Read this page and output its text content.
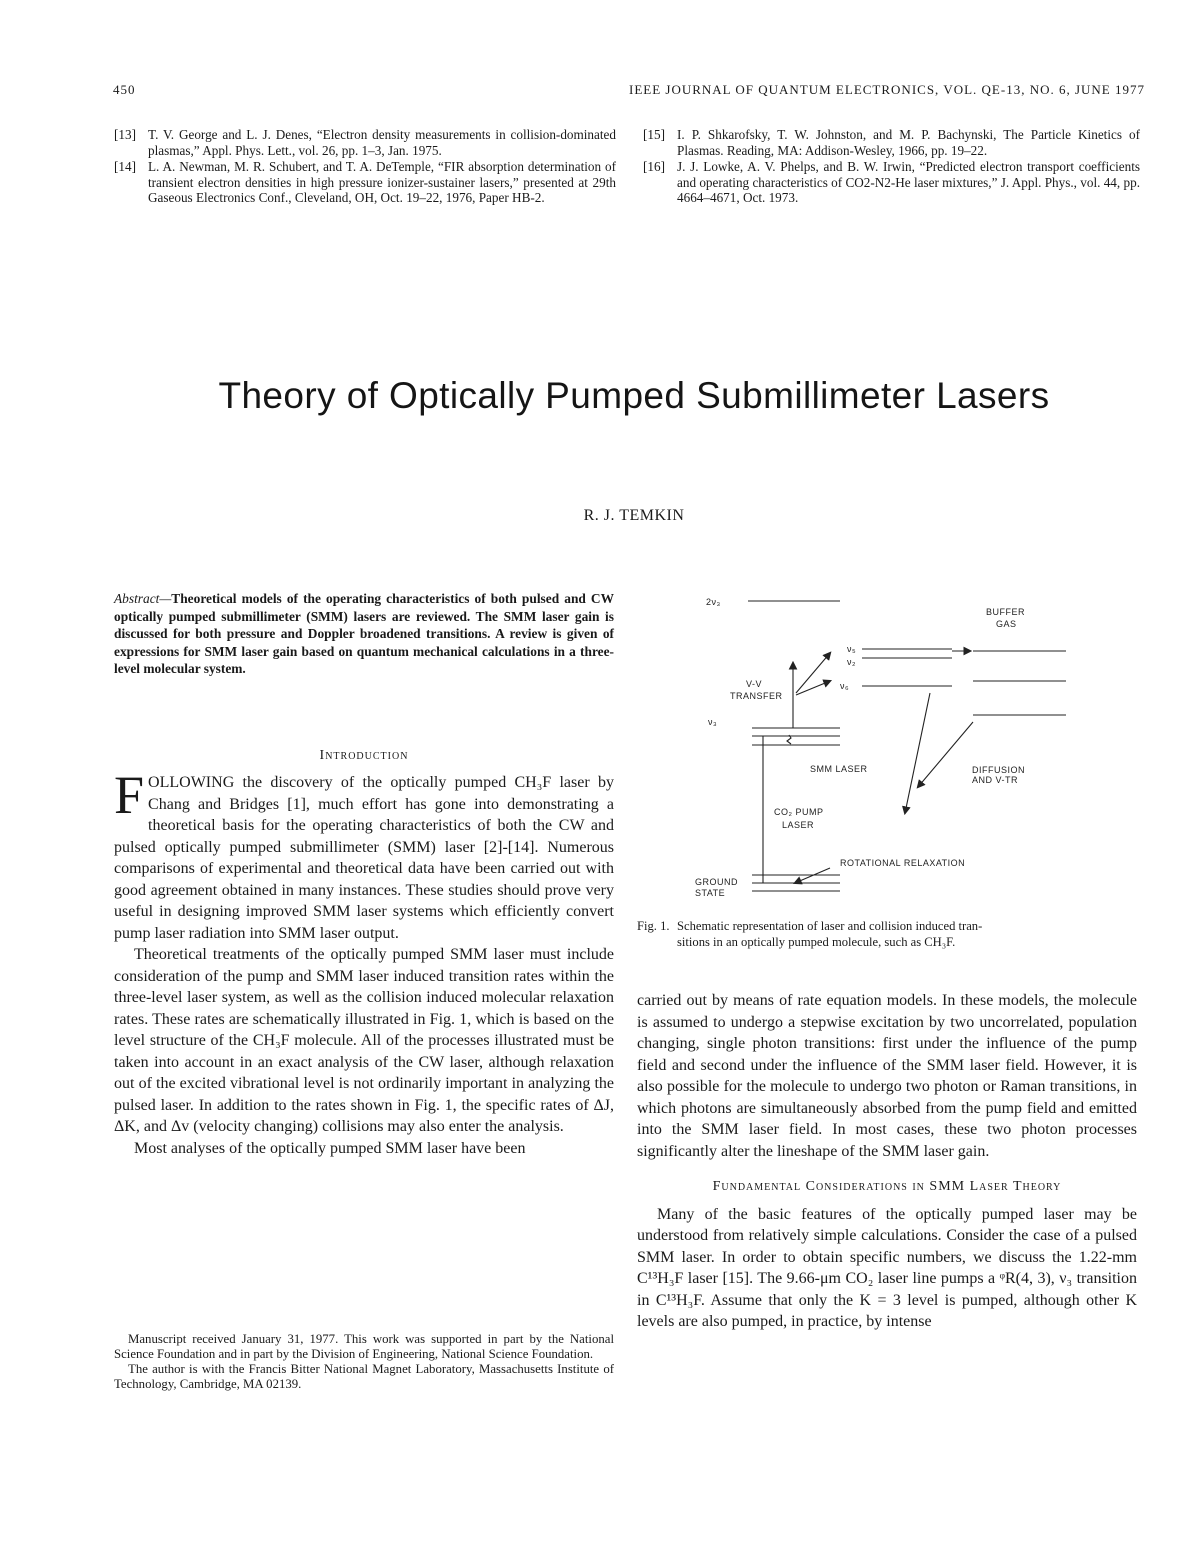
450	IEEE JOURNAL OF QUANTUM ELECTRONICS, VOL. QE-13, NO. 6, JUNE 1977
[13] T. V. George and L. J. Denes, “Electron density measurements in collision-dominated plasmas,” Appl. Phys. Lett., vol. 26, pp. 1–3, Jan. 1975.
[14] L. A. Newman, M. R. Schubert, and T. A. DeTemple, “FIR absorption determination of transient electron densities in high pressure ionizer-sustainer lasers,” presented at 29th Gaseous Electronics Conf., Cleveland, OH, Oct. 19–22, 1976, Paper HB-2.
[15] I. P. Shkarofsky, T. W. Johnston, and M. P. Bachynski, The Particle Kinetics of Plasmas. Reading, MA: Addison-Wesley, 1966, pp. 19–22.
[16] J. J. Lowke, A. V. Phelps, and B. W. Irwin, “Predicted electron transport coefficients and operating characteristics of CO2-N2-He laser mixtures,” J. Appl. Phys., vol. 44, pp. 4664–4671, Oct. 1973.
Theory of Optically Pumped Submillimeter Lasers
R. J. TEMKIN
Abstract—Theoretical models of the operating characteristics of both pulsed and CW optically pumped submillimeter (SMM) lasers are reviewed. The SMM laser gain is discussed for both pressure and Doppler broadened transitions. A review is given of expressions for SMM laser gain based on quantum mechanical calculations in a three-level molecular system.
Introduction

FOLLOWING the discovery of the optically pumped CH₃F laser by Chang and Bridges [1], much effort has gone into demonstrating a theoretical basis for the operating characteristics of both the CW and pulsed optically pumped submillimeter (SMM) laser [2]-[14]. Numerous comparisons of experimental and theoretical data have been carried out with good agreement obtained in many instances. These studies should prove very useful in designing improved SMM laser systems which efficiently convert pump laser radiation into SMM laser output.

Theoretical treatments of the optically pumped SMM laser must include consideration of the pump and SMM laser induced transition rates within the three-level laser system, as well as the collision induced molecular relaxation rates. These rates are schematically illustrated in Fig. 1, which is based on the level structure of the CH₃F molecule. All of the processes illustrated must be taken into account in an exact analysis of the CW laser, although relaxation out of the excited vibrational level is not ordinarily important in analyzing the pulsed laser. In addition to the rates shown in Fig. 1, the specific rates of ΔJ, ΔK, and Δv (velocity changing) collisions may also enter the analysis.

Most analyses of the optically pumped SMM laser have been

Manuscript received January 31, 1977. This work was supported in part by the National Science Foundation and in part by the Division of Engineering, National Science Foundation.

The author is with the Francis Bitter National Magnet Laboratory, Massachusetts Institute of Technology, Cambridge, MA 02139.

2ν₃
BUFFER
GAS
ν₅
ν₂
V-V
TRANSFER
ν₆
ν₃
SMM LASER	DIFFUSION
AND V-TR
CO₂ PUMP
LASER
ROTATIONAL RELAXATION
GROUND
STATE
Fig. 1. Schematic representation of laser and collision induced tran-
sitions in an optically pumped molecule, such as CH₃F.

carried out by means of rate equation models. In these models, the molecule is assumed to undergo a stepwise excitation by two uncorrelated, population changing, single photon transitions: first under the influence of the pump field and second under the influence of the SMM laser field. However, it is also possible for the molecule to undergo two photon or Raman transitions, in which photons are simultaneously absorbed from the pump field and emitted into the SMM laser field. In most cases, these two photon processes significantly alter the lineshape of the SMM laser gain.

Fundamental Considerations in SMM Laser Theory

Many of the basic features of the optically pumped laser may be understood from relatively simple calculations. Consider the case of a pulsed SMM laser. In order to obtain specific numbers, we discuss the 1.22-mm C¹³H₃F laser [15]. The 9.66-μm CO₂ laser line pumps a ᵠR(4, 3), ν₃ transition in C¹³H₃F. Assume that only the K = 3 level is pumped, although other K levels are also pumped, in practice, by intense
